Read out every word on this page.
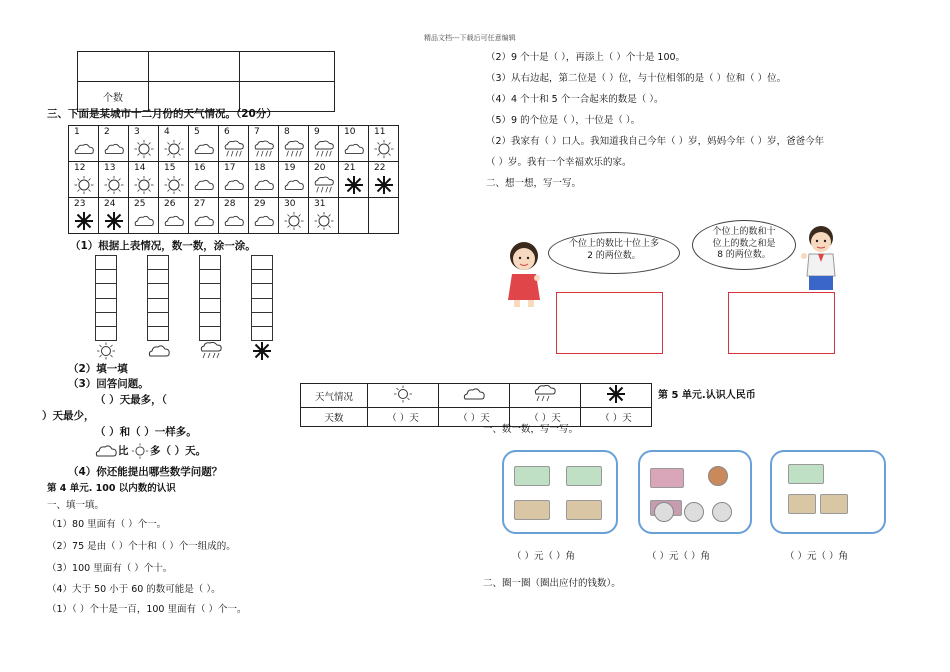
精品文档---下载后可任意编辑

个数		
三、下面是某城市十二月份的天气情况。（20分）
1	2	3	4	5	6	7	8	9	10	11

12	13	14	15	16	17	18	19	20	21	22

23	24	25	26	27	28	29	30	31		

（1）根据上表情况，数一数，涂一涂。
（2）填一填
（3）回答问题。
（ ）天最多，（
）天最少，
（ ）和（ ）一样多。
比 多（ ）天。
（4）你还能提出哪些数学问题？
第 4 单元. 100 以内数的认识
一、填一填。
（1）80 里面有（ ）个一。
（2）75 是由（ ）个十和（ ）个一组成的。
（3）100 里面有（ ）个十。
（4）大于 50 小于 60 的数可能是（ ）。
（1）（ ）个十是一百，100 里面有（ ）个一。
天气情况				
天数	（ ）天	（ ）天	（ ）天	（ ）天
（2）9 个十是（ ），再添上（ ）个十是 100。
（3）从右边起，第二位是（ ）位，与十位相邻的是（ ）位和（ ）位。
（4）4 个十和 5 个一合起来的数是（ ）。
（5）9 的个位是（ ），十位是（ ）。
（2）我家有（ ）口人。我知道我自己今年（ ）岁，妈妈今年（ ）岁，爸爸今年
（ ）岁。我有一个幸福欢乐的家。
二、想一想，写一写。
个位上的数比十位上多 2 的两位数。
个位上的数和十位上的数之和是 8 的两位数。
第 5 单元.认识人民币
一、数一数，写一写。
（ ）元（ ）角	（ ）元（ ）角	（ ）元（ ）角
二、圈一圈（圈出应付的钱数）。
